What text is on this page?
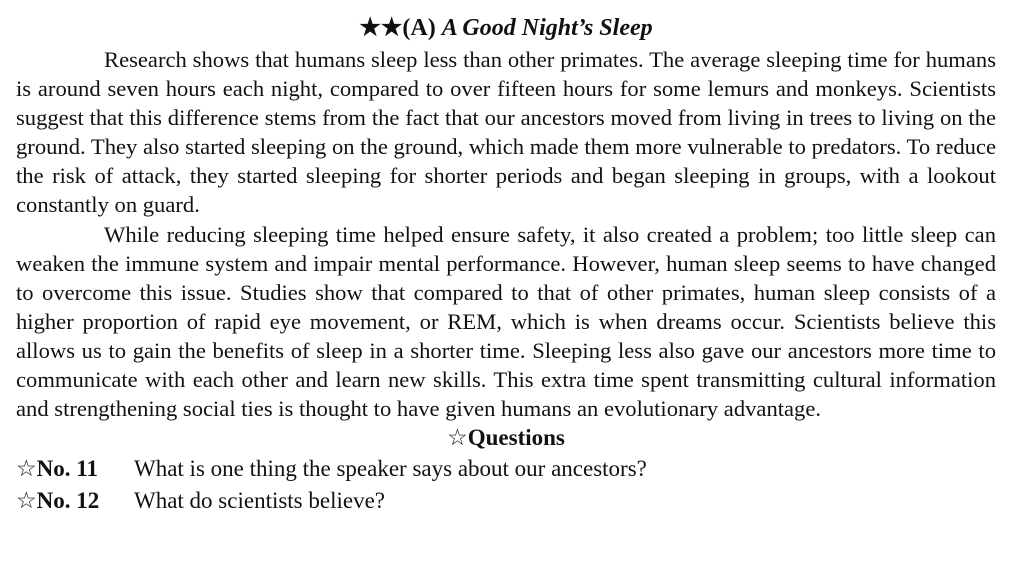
★★(A) A Good Night’s Sleep

Research shows that humans sleep less than other primates. The average sleeping time for humans is around seven hours each night, compared to over fifteen hours for some lemurs and monkeys. Scientists suggest that this difference stems from the fact that our ancestors moved from living in trees to living on the ground. They also started sleeping on the ground, which made them more vulnerable to predators. To reduce the risk of attack, they started sleeping for shorter periods and began sleeping in groups, with a lookout constantly on guard.

While reducing sleeping time helped ensure safety, it also created a problem; too little sleep can weaken the immune system and impair mental performance. However, human sleep seems to have changed to overcome this issue. Studies show that compared to that of other primates, human sleep consists of a higher proportion of rapid eye movement, or REM, which is when dreams occur. Scientists believe this allows us to gain the benefits of sleep in a shorter time. Sleeping less also gave our ancestors more time to communicate with each other and learn new skills. This extra time spent transmitting cultural information and strengthening social ties is thought to have given humans an evolutionary advantage.

☆Questions
☆No. 11	What is one thing the speaker says about our ancestors?
☆No. 12	What do scientists believe?
